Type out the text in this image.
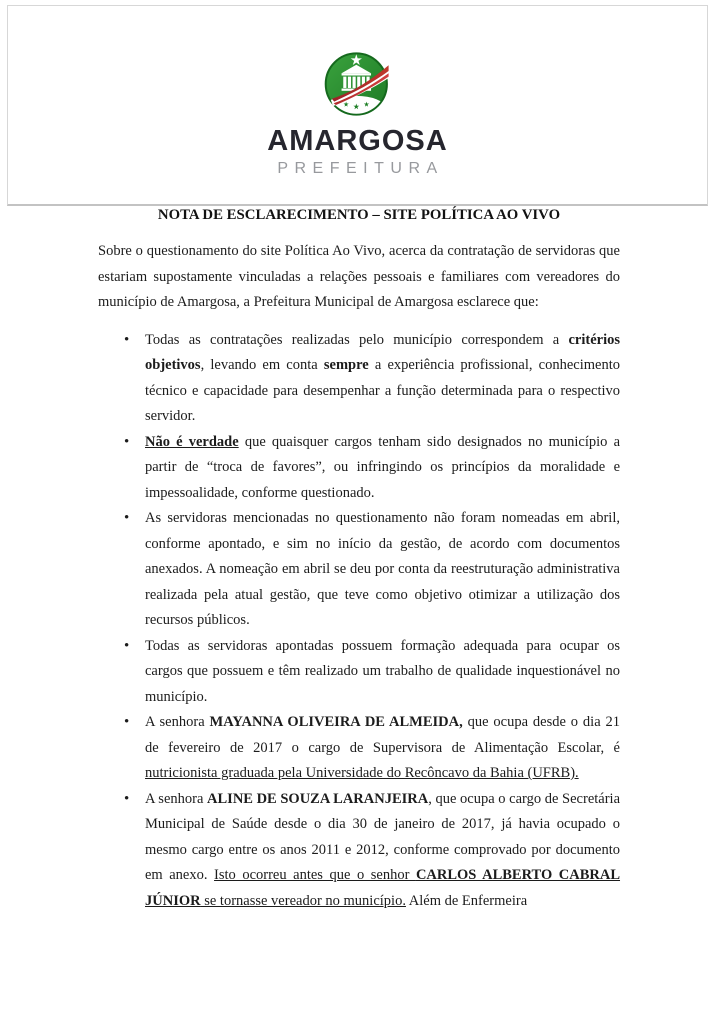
AMARGOSA
PREFEITURA

NOTA DE ESCLARECIMENTO – SITE POLÍTICA AO VIVO

Sobre o questionamento do site Política Ao Vivo, acerca da contratação de servidoras que estariam supostamente vinculadas a relações pessoais e familiares com vereadores do município de Amargosa, a Prefeitura Municipal de Amargosa esclarece que:

• Todas as contratações realizadas pelo município correspondem a critérios objetivos, levando em conta sempre a experiência profissional, conhecimento técnico e capacidade para desempenhar a função determinada para o respectivo servidor.
• Não é verdade que quaisquer cargos tenham sido designados no município a partir de “troca de favores”, ou infringindo os princípios da moralidade e impessoalidade, conforme questionado.
• As servidoras mencionadas no questionamento não foram nomeadas em abril, conforme apontado, e sim no início da gestão, de acordo com documentos anexados. A nomeação em abril se deu por conta da reestruturação administrativa realizada pela atual gestão, que teve como objetivo otimizar a utilização dos recursos públicos.
• Todas as servidoras apontadas possuem formação adequada para ocupar os cargos que possuem e têm realizado um trabalho de qualidade inquestionável no município.
• A senhora MAYANNA OLIVEIRA DE ALMEIDA, que ocupa desde o dia 21 de fevereiro de 2017 o cargo de Supervisora de Alimentação Escolar, é nutricionista graduada pela Universidade do Recôncavo da Bahia (UFRB).
• A senhora ALINE DE SOUZA LARANJEIRA, que ocupa o cargo de Secretária Municipal de Saúde desde o dia 30 de janeiro de 2017, já havia ocupado o mesmo cargo entre os anos 2011 e 2012, conforme comprovado por documento em anexo. Isto ocorreu antes que o senhor CARLOS ALBERTO CABRAL JÚNIOR se tornasse vereador no município. Além de Enfermeira
